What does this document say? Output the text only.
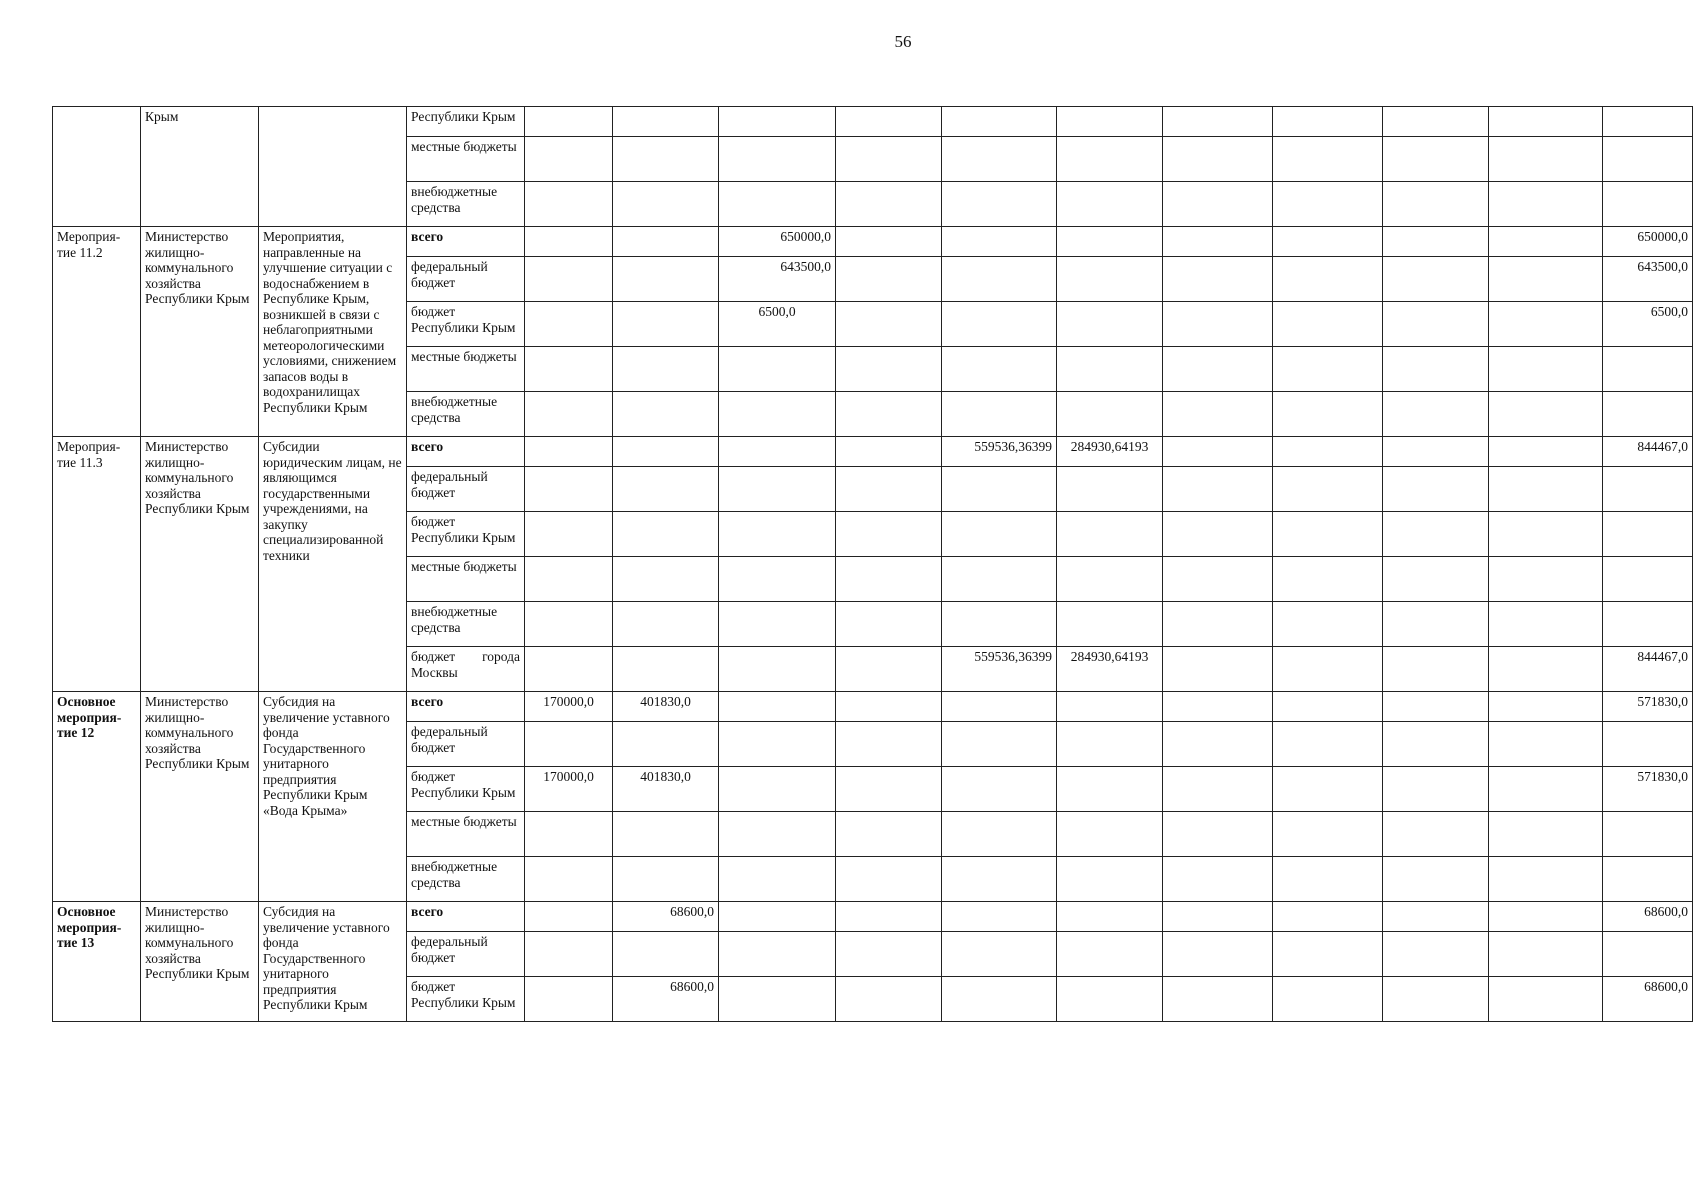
56
	Крым		Республики Крым											
			местные бюджеты											
			внебюджетные средства											
Мероприя-тие 11.2	Министерство жилищно-коммунального хозяйства Республики Крым	Мероприятия, направленные на улучшение ситуации с водоснабжением в Республике Крым, возникшей в связи с неблагоприятными метеорологическими условиями, снижением запасов воды в водохранилищах Республики Крым	всего			650000,0								650000,0
			федеральный бюджет			643500,0								643500,0
			бюджет Республики Крым			6500,0								6500,0
			местные бюджеты											
			внебюджетные средства											
Мероприя-тие 11.3	Министерство жилищно-коммунального хозяйства Республики Крым	Субсидии юридическим лицам, не являющимся государственными учреждениями, на закупку специализированной техники	всего					559536,36399	284930,64193					844467,0
			федеральный бюджет											
			бюджет Республики Крым											
			местные бюджеты											
			внебюджетные средства											
			бюджет города Москвы					559536,36399	284930,64193					844467,0
Основное мероприя-тие 12	Министерство жилищно-коммунального хозяйства Республики Крым	Субсидия на увеличение уставного фонда Государственного унитарного предприятия Республики Крым «Вода Крыма»	всего	170000,0	401830,0									571830,0
			федеральный бюджет											
			бюджет Республики Крым	170000,0	401830,0									571830,0
			местные бюджеты											
			внебюджетные средства											
Основное мероприя-тие 13	Министерство жилищно-коммунального хозяйства Республики Крым	Субсидия на увеличение уставного фонда Государственного унитарного предприятия Республики Крым	всего		68600,0									68600,0
			федеральный бюджет											
			бюджет Республики Крым		68600,0									68600,0
